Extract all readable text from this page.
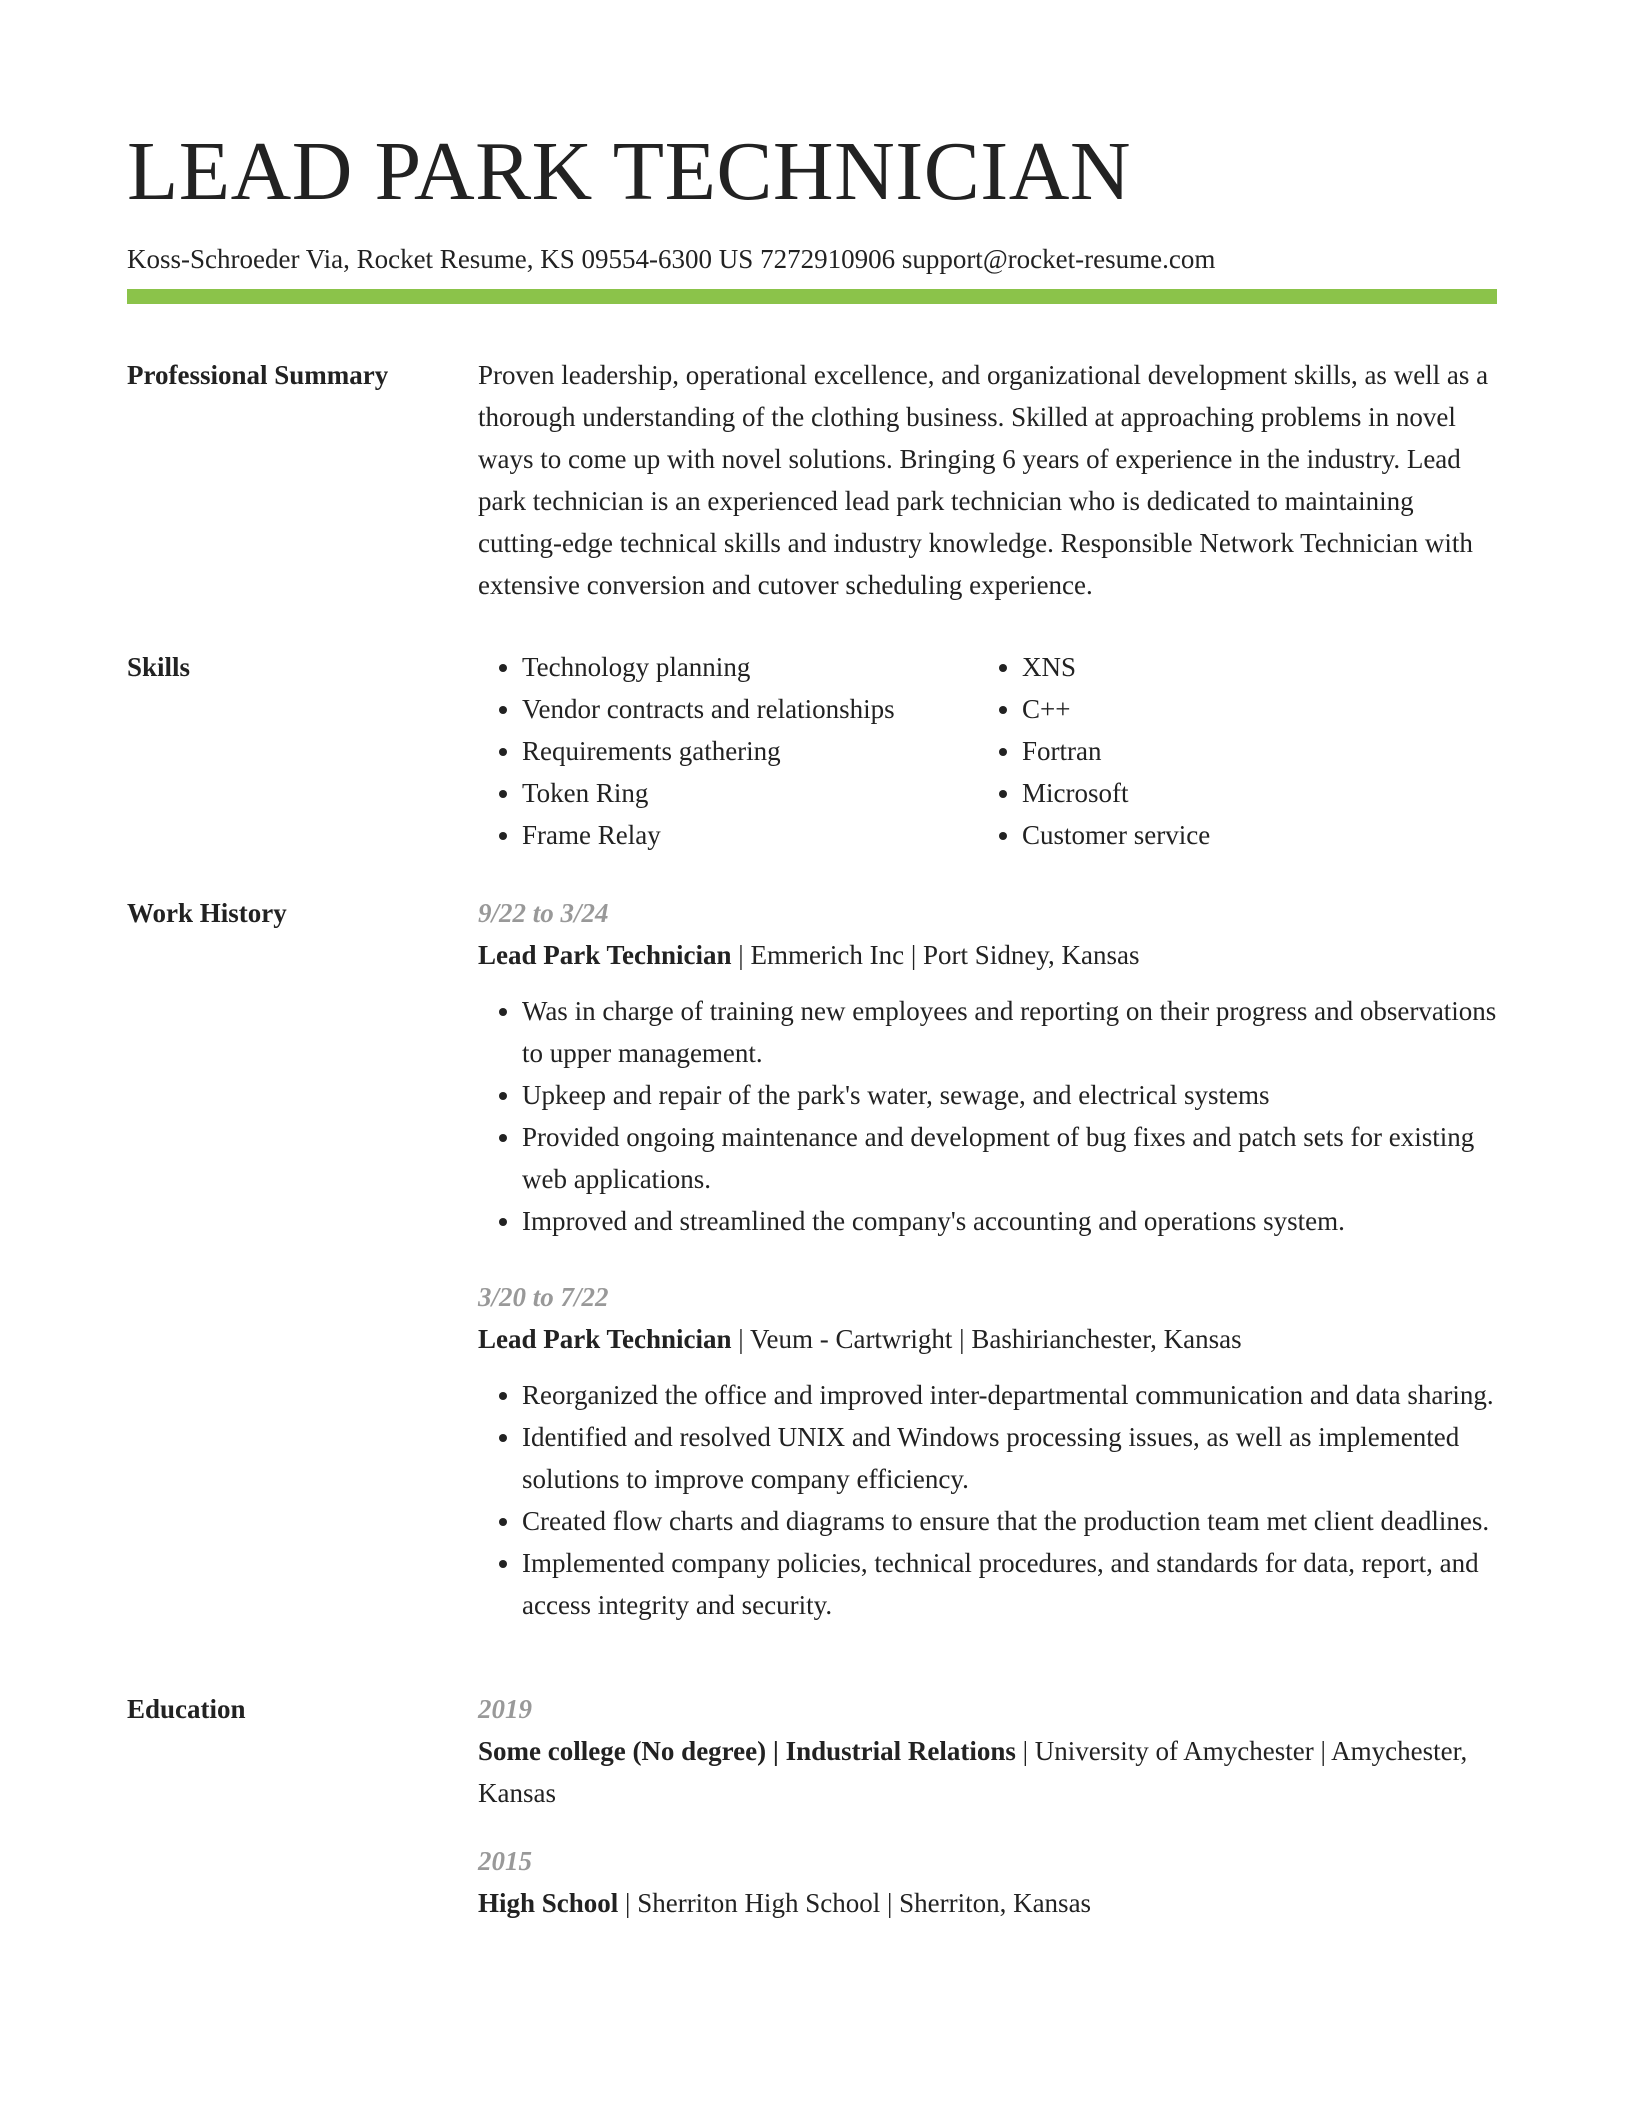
LEAD PARK TECHNICIAN
Koss-Schroeder Via, Rocket Resume, KS 09554-6300 US 7272910906 support@rocket-resume.com
Professional Summary	Proven leadership, operational excellence, and organizational development skills, as well as a thorough understanding of the clothing business. Skilled at approaching problems in novel ways to come up with novel solutions. Bringing 6 years of experience in the industry. Lead park technician is an experienced lead park technician who is dedicated to maintaining cutting-edge technical skills and industry knowledge. Responsible Network Technician with extensive conversion and cutover scheduling experience.

Skills
•	Technology planning
• Vendor contracts and relationships
• Requirements gathering
• Token Ring
• Frame Relay
• XNS
• C++
• Fortran
• Microsoft
• Customer service
Work History	9/22 to 3/24
Lead Park Technician | Emmerich Inc | Port Sidney, Kansas
• Was in charge of training new employees and reporting on their progress and observations to upper management.
• Upkeep and repair of the park's water, sewage, and electrical systems
• Provided ongoing maintenance and development of bug fixes and patch sets for existing web applications.
• Improved and streamlined the company's accounting and operations system.
3/20 to 7/22
Lead Park Technician | Veum - Cartwright | Bashirianchester, Kansas
• Reorganized the office and improved inter-departmental communication and data sharing.
• Identified and resolved UNIX and Windows processing issues, as well as implemented solutions to improve company efficiency.
• Created flow charts and diagrams to ensure that the production team met client deadlines.
• Implemented company policies, technical procedures, and standards for data, report, and access integrity and security.
Education	2019
Some college (No degree) | Industrial Relations | University of Amychester | Amychester, Kansas
2015
High School | Sherriton High School | Sherriton, Kansas
